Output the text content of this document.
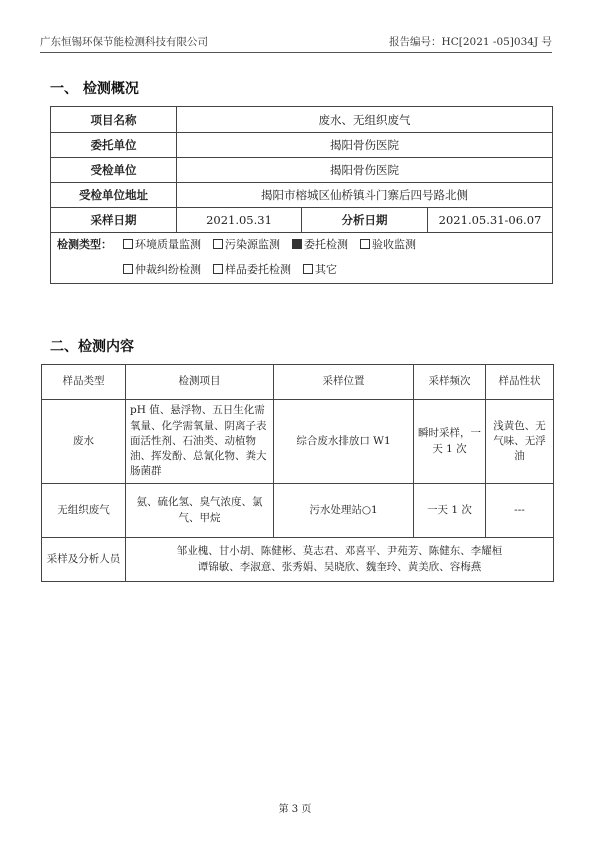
广东恒锡环保节能检测科技有限公司	报告编号：HC[2021 -05]034J 号
一、 检测概况
项目名称	废水、无组织废气
委托单位	揭阳骨伤医院
受检单位	揭阳骨伤医院
受检单位地址	揭阳市榕城区仙桥镇斗门寨后四号路北侧
采样日期	2021.05.31	分析日期	2021.05.31-06.07
检测类型： 环境质量监测 污染源监测 委托检测 验收监测
仲裁纠纷检测 样品委托检测 其它
二、检测内容
样品类型	检测项目	采样位置	采样频次	样品性状
废水	pH 值、悬浮物、五日生化需氧量、化学需氧量、阴离子表面活性剂、石油类、动植物油、挥发酚、总氰化物、粪大肠菌群	综合废水排放口 W1	瞬时采样，一天 1 次	浅黄色、无气味、无浮油
无组织废气	氨、硫化氢、臭气浓度、氯气、甲烷	污水处理站○1	一天 1 次	---
采样及分析人员	邹业槐、甘小胡、陈健彬、莫志君、邓喜平、尹苑芳、陈健东、李耀桓
谭锦敏、李淑意、张秀娟、吴晓欣、魏奎玲、黄美欣、容梅燕			
第 3 页
